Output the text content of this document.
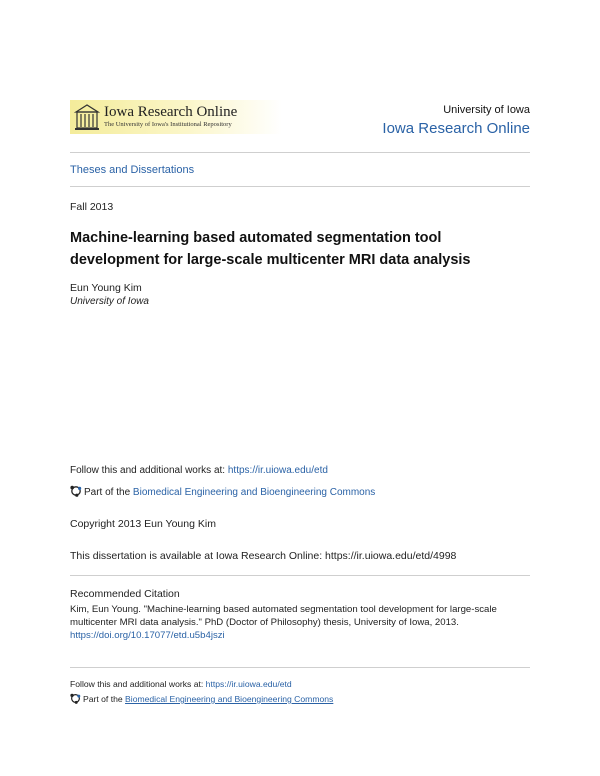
Iowa Research Online
The University of Iowa's Institutional Repository
University of Iowa
Iowa Research Online
Theses and Dissertations
Fall 2013
Machine-learning based automated segmentation tool
development for large-scale multicenter MRI data analysis
Eun Young Kim
University of Iowa
Follow this and additional works at: https://ir.uiowa.edu/etd
Part of the Biomedical Engineering and Bioengineering Commons
Copyright 2013 Eun Young Kim
This dissertation is available at Iowa Research Online: https://ir.uiowa.edu/etd/4998
Recommended Citation
Kim, Eun Young. "Machine-learning based automated segmentation tool development for large-scale
multicenter MRI data analysis." PhD (Doctor of Philosophy) thesis, University of Iowa, 2013.
https://doi.org/10.17077/etd.u5b4jszi
Follow this and additional works at: https://ir.uiowa.edu/etd
Part of the Biomedical Engineering and Bioengineering Commons
